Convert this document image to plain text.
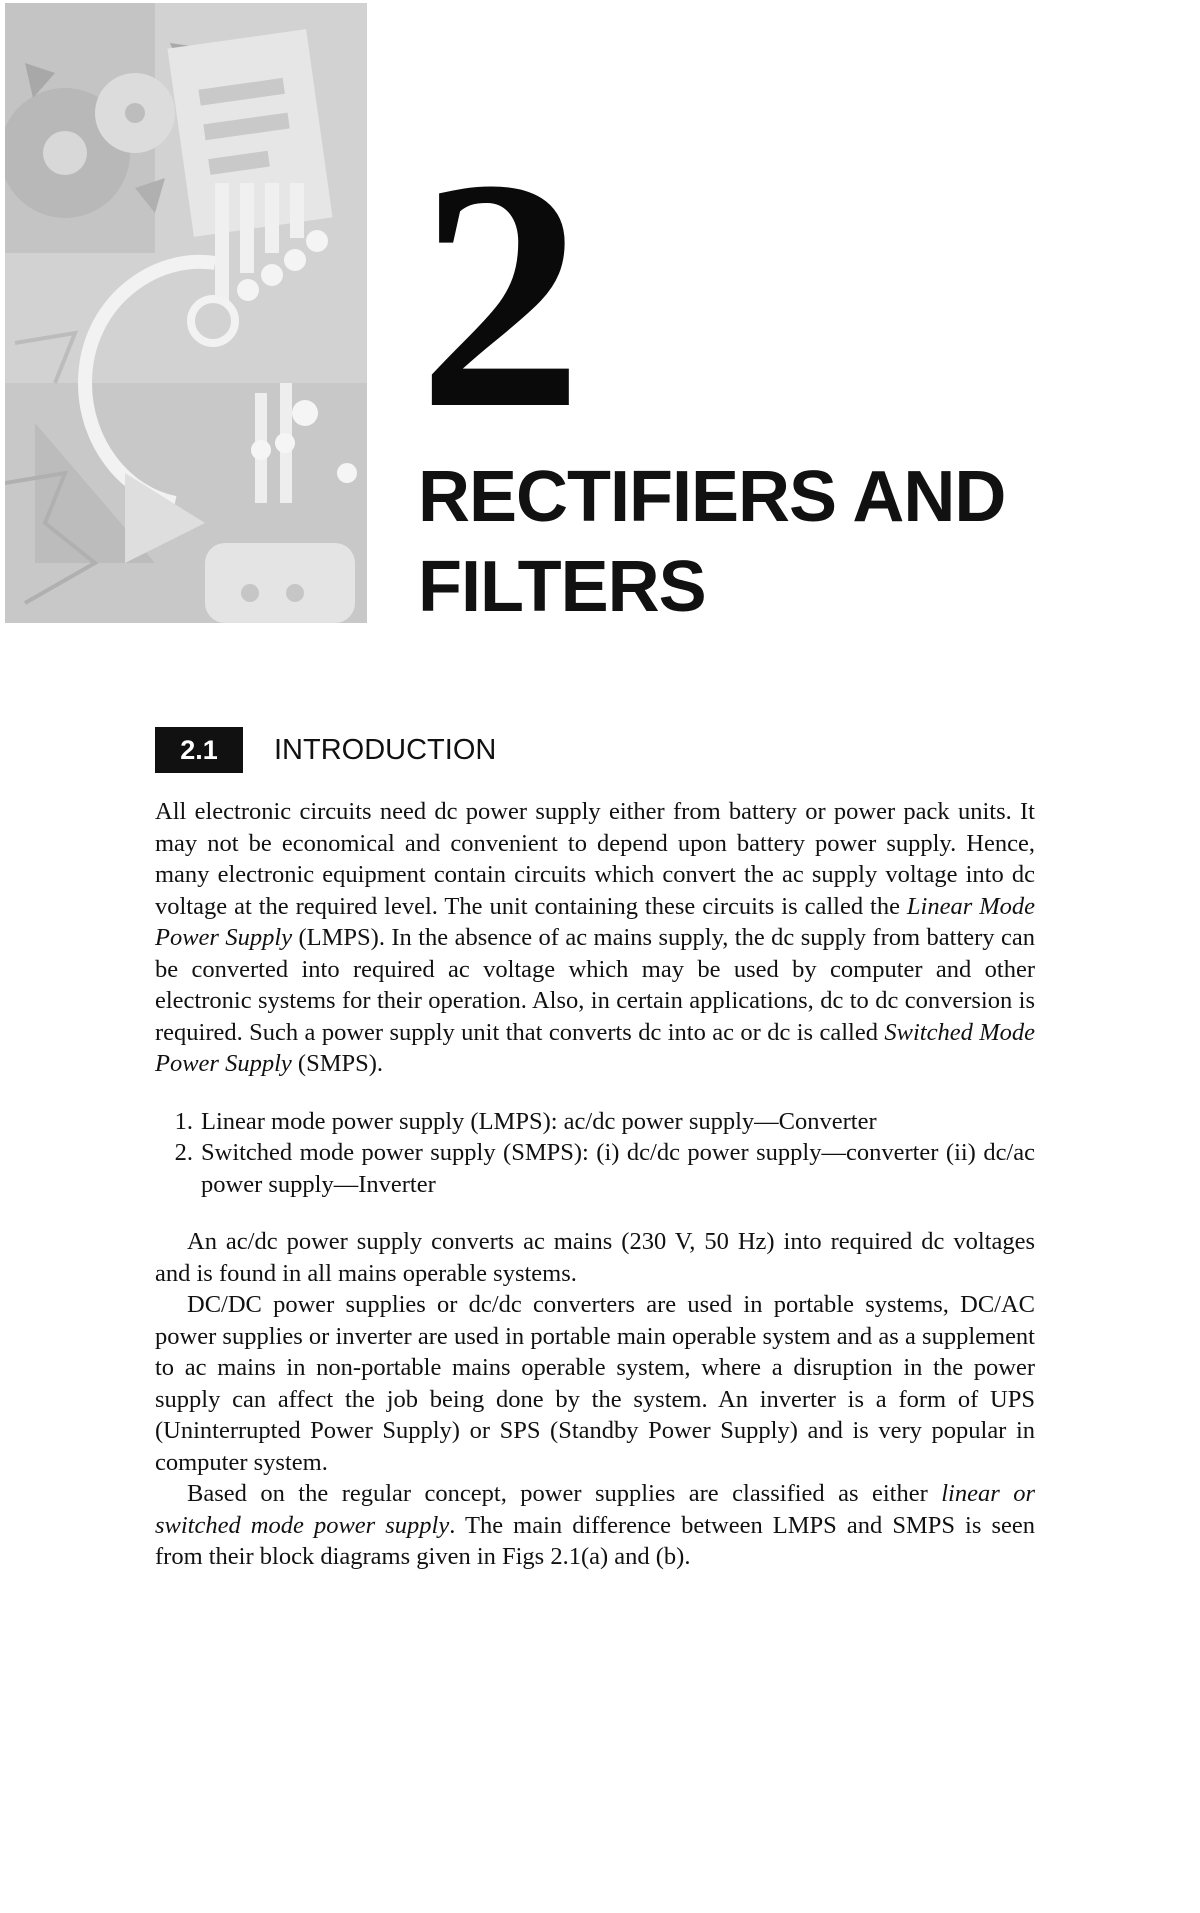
2
RECTIFIERS AND
FILTERS
2.1	INTRODUCTION

All electronic circuits need dc power supply either from battery or power pack units. It may not be economical and convenient to depend upon battery power supply. Hence, many electronic equipment contain circuits which convert the ac supply voltage into dc voltage at the required level. The unit containing these circuits is called the Linear Mode Power Supply (LMPS). In the absence of ac mains supply, the dc supply from battery can be converted into required ac voltage which may be used by computer and other electronic systems for their operation. Also, in certain applications, dc to dc conversion is required. Such a power supply unit that converts dc into ac or dc is called Switched Mode Power Supply (SMPS).

1. Linear mode power supply (LMPS): ac/dc power supply—Converter
2. Switched mode power supply (SMPS): (i) dc/dc power supply—converter (ii) dc/ac power supply—Inverter

An ac/dc power supply converts ac mains (230 V, 50 Hz) into required dc voltages and is found in all mains operable systems.

DC/DC power supplies or dc/dc converters are used in portable systems, DC/AC power supplies or inverter are used in portable main operable system and as a supplement to ac mains in non-portable mains operable system, where a disruption in the power supply can affect the job being done by the system. An inverter is a form of UPS (Uninterrupted Power Supply) or SPS (Standby Power Supply) and is very popular in computer system.

Based on the regular concept, power supplies are classified as either linear or switched mode power supply. The main difference between LMPS and SMPS is seen from their block diagrams given in Figs 2.1(a) and (b).
